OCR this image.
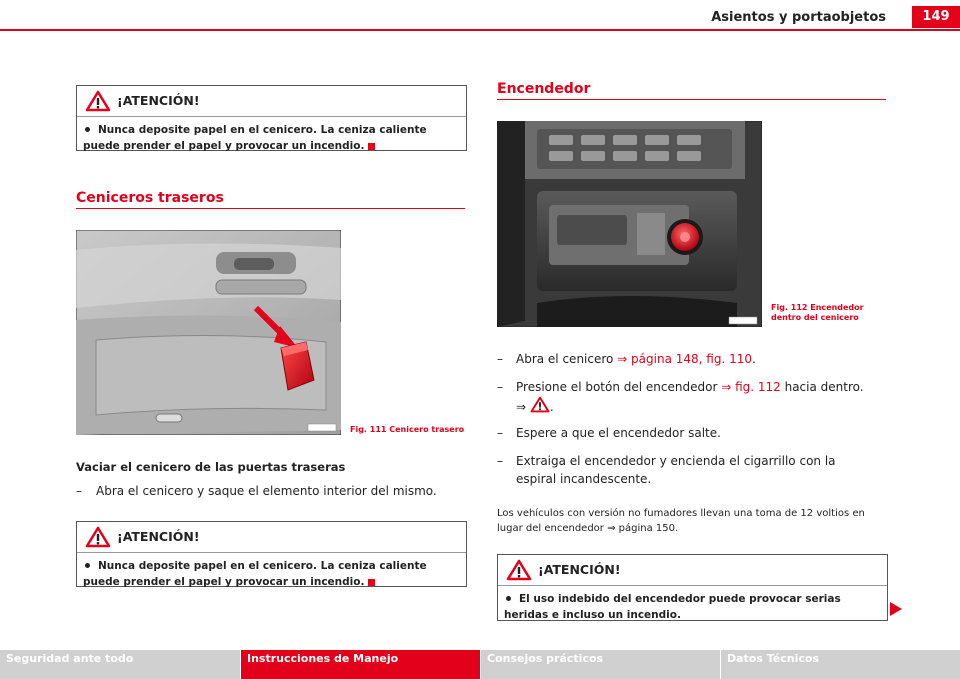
Asientos y portaobjetos	149
¡ATENCIÓN!
Nunca deposite papel en el cenicero. La ceniza caliente puede prender el papel y provocar un incendio.
Ceniceros traseros
Fig. 111 Cenicero trasero
Vaciar el cenicero de las puertas traseras
– Abra el cenicero y saque el elemento interior del mismo.
¡ATENCIÓN!
Nunca deposite papel en el cenicero. La ceniza caliente puede prender el papel y provocar un incendio.
Encendedor
Fig. 112 Encendedor
dentro del cenicero
– Abra el cenicero ⇒ página 148, fig. 110.
– Presione el botón del encendedor ⇒ fig. 112 hacia dentro.
⇒ .
– Espere a que el encendedor salte.
– Extraiga el encendedor y encienda el cigarrillo con la espiral incandescente.
Los vehículos con versión no fumadores llevan una toma de 12 voltios en lugar del encendedor ⇒ página 150.
¡ATENCIÓN!
El uso indebido del encendedor puede provocar serias heridas e incluso un incendio.
Seguridad ante todo	Instrucciones de Manejo	Consejos prácticos	Datos Técnicos
